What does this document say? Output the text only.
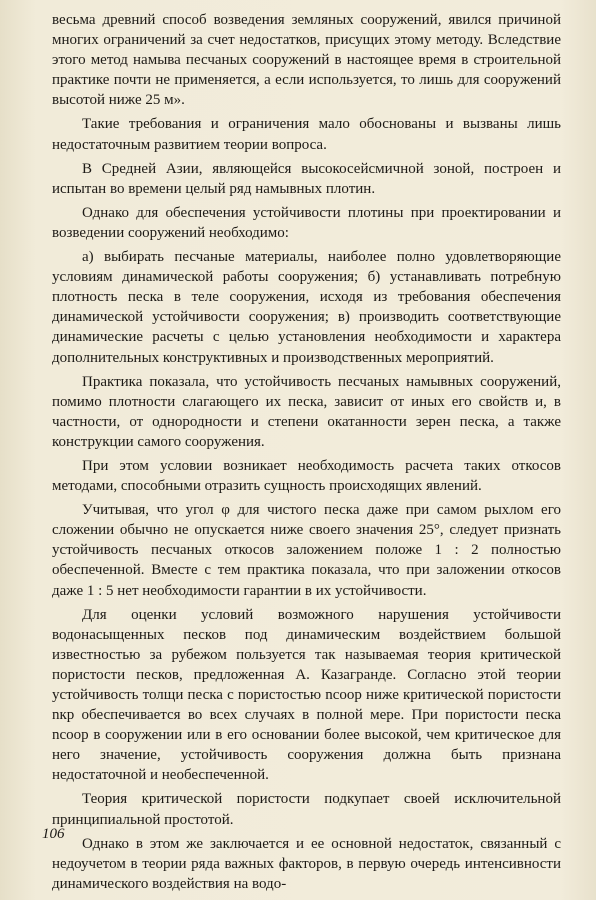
весьма древний способ возведения земляных сооружений, явился причиной многих ограничений за счет недостатков, присущих этому методу. Вследствие этого метод намыва песчаных сооружений в настоящее время в строительной практике почти не применяется, а если используется, то лишь для сооружений высотой ниже 25 м».

Такие требования и ограничения мало обоснованы и вызваны лишь недостаточным развитием теории вопроса.

В Средней Азии, являющейся высокосейсмичной зоной, построен и испытан во времени целый ряд намывных плотин.

Однако для обеспечения устойчивости плотины при проектировании и возведении сооружений необходимо:

а) выбирать песчаные материалы, наиболее полно удовлетворяющие условиям динамической работы сооружения; б) устанавливать потребную плотность песка в теле сооружения, исходя из требования обеспечения динамической устойчивости сооружения; в) производить соответствующие динамические расчеты с целью установления необходимости и характера дополнительных конструктивных и производственных мероприятий.

Практика показала, что устойчивость песчаных намывных сооружений, помимо плотности слагающего их песка, зависит от иных его свойств и, в частности, от однородности и степени окатанности зерен песка, а также конструкции самого сооружения.

При этом условии возникает необходимость расчета таких откосов методами, способными отразить сущность происходящих явлений.

Учитывая, что угол φ для чистого песка даже при самом рыхлом его сложении обычно не опускается ниже своего значения 25°, следует признать устойчивость песчаных откосов заложением положе 1 : 2 полностью обеспеченной. Вместе с тем практика показала, что при заложении откосов даже 1 : 5 нет необходимости гарантии в их устойчивости.

Для оценки условий возможного нарушения устойчивости водонасыщенных песков под динамическим воздействием большой известностью за рубежом пользуется так называемая теория критической пористости песков, предложенная А. Казагранде. Согласно этой теории устойчивость толщи песка с пористостью nсоор ниже критической пористости nкр обеспечивается во всех случаях в полной мере. При пористости песка nсоор в сооружении или в его основании более высокой, чем критическое для него значение, устойчивость сооружения должна быть признана недостаточной и необеспеченной.

Теория критической пористости подкупает своей исключительной принципиальной простотой.

Однако в этом же заключается и ее основной недостаток, связанный с недоучетом в теории ряда важных факторов, в первую очередь интенсивности динамического воздействия на водо-

106
